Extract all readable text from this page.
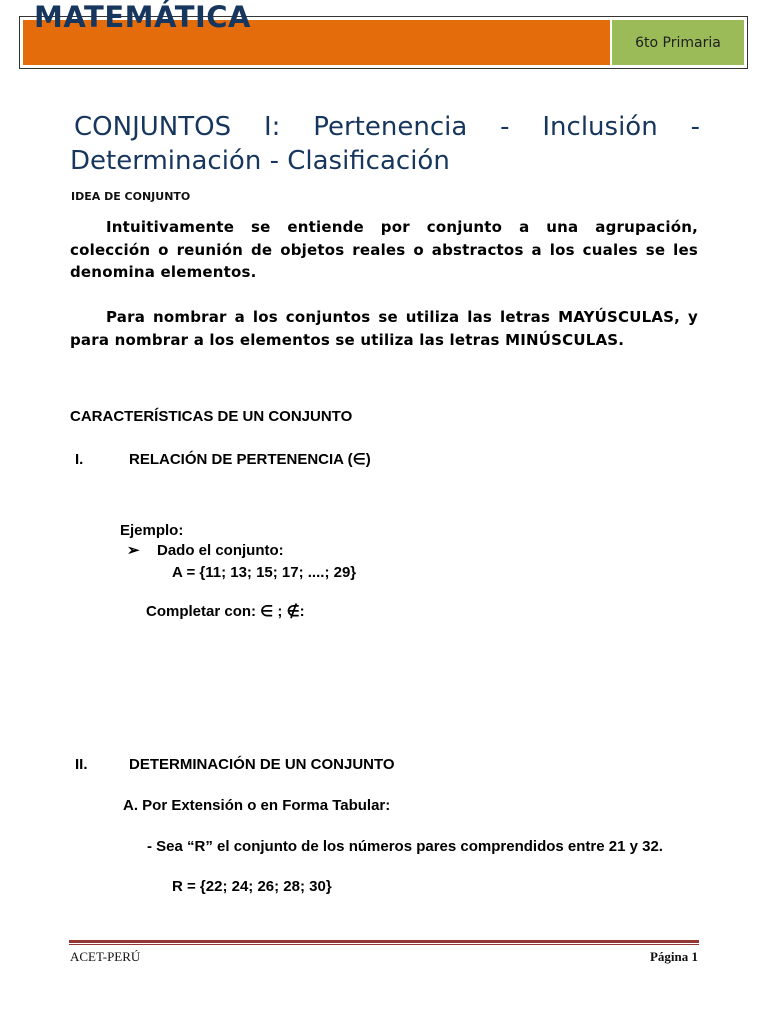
6to Primaria
MATEMÁTICA
CONJUNTOS I: Pertenencia - Inclusión -
Determinación - Clasificación
IDEA DE CONJUNTO

Intuitivamente se entiende por conjunto a una agrupación, colección o reunión de objetos reales o abstractos a los cuales se les denomina elementos.

Para nombrar a los conjuntos se utiliza las letras MAYÚSCULAS, y para nombrar a los elementos se utiliza las letras MINÚSCULAS.

CARACTERÍSTICAS DE UN CONJUNTO
I.	RELACIÓN DE PERTENENCIA (∈)
Ejemplo:
➢ Dado el conjunto:
A = {11; 13; 15; 17; ....; 29}
Completar con: ∈ ; ∉:
II.	DETERMINACIÓN DE UN CONJUNTO
A. Por Extensión o en Forma Tabular:

- Sea “R” el conjunto de los números pares comprendidos entre 21 y 32.

R = {22; 24; 26; 28; 30}
ACET-PERÚ	Página 1
